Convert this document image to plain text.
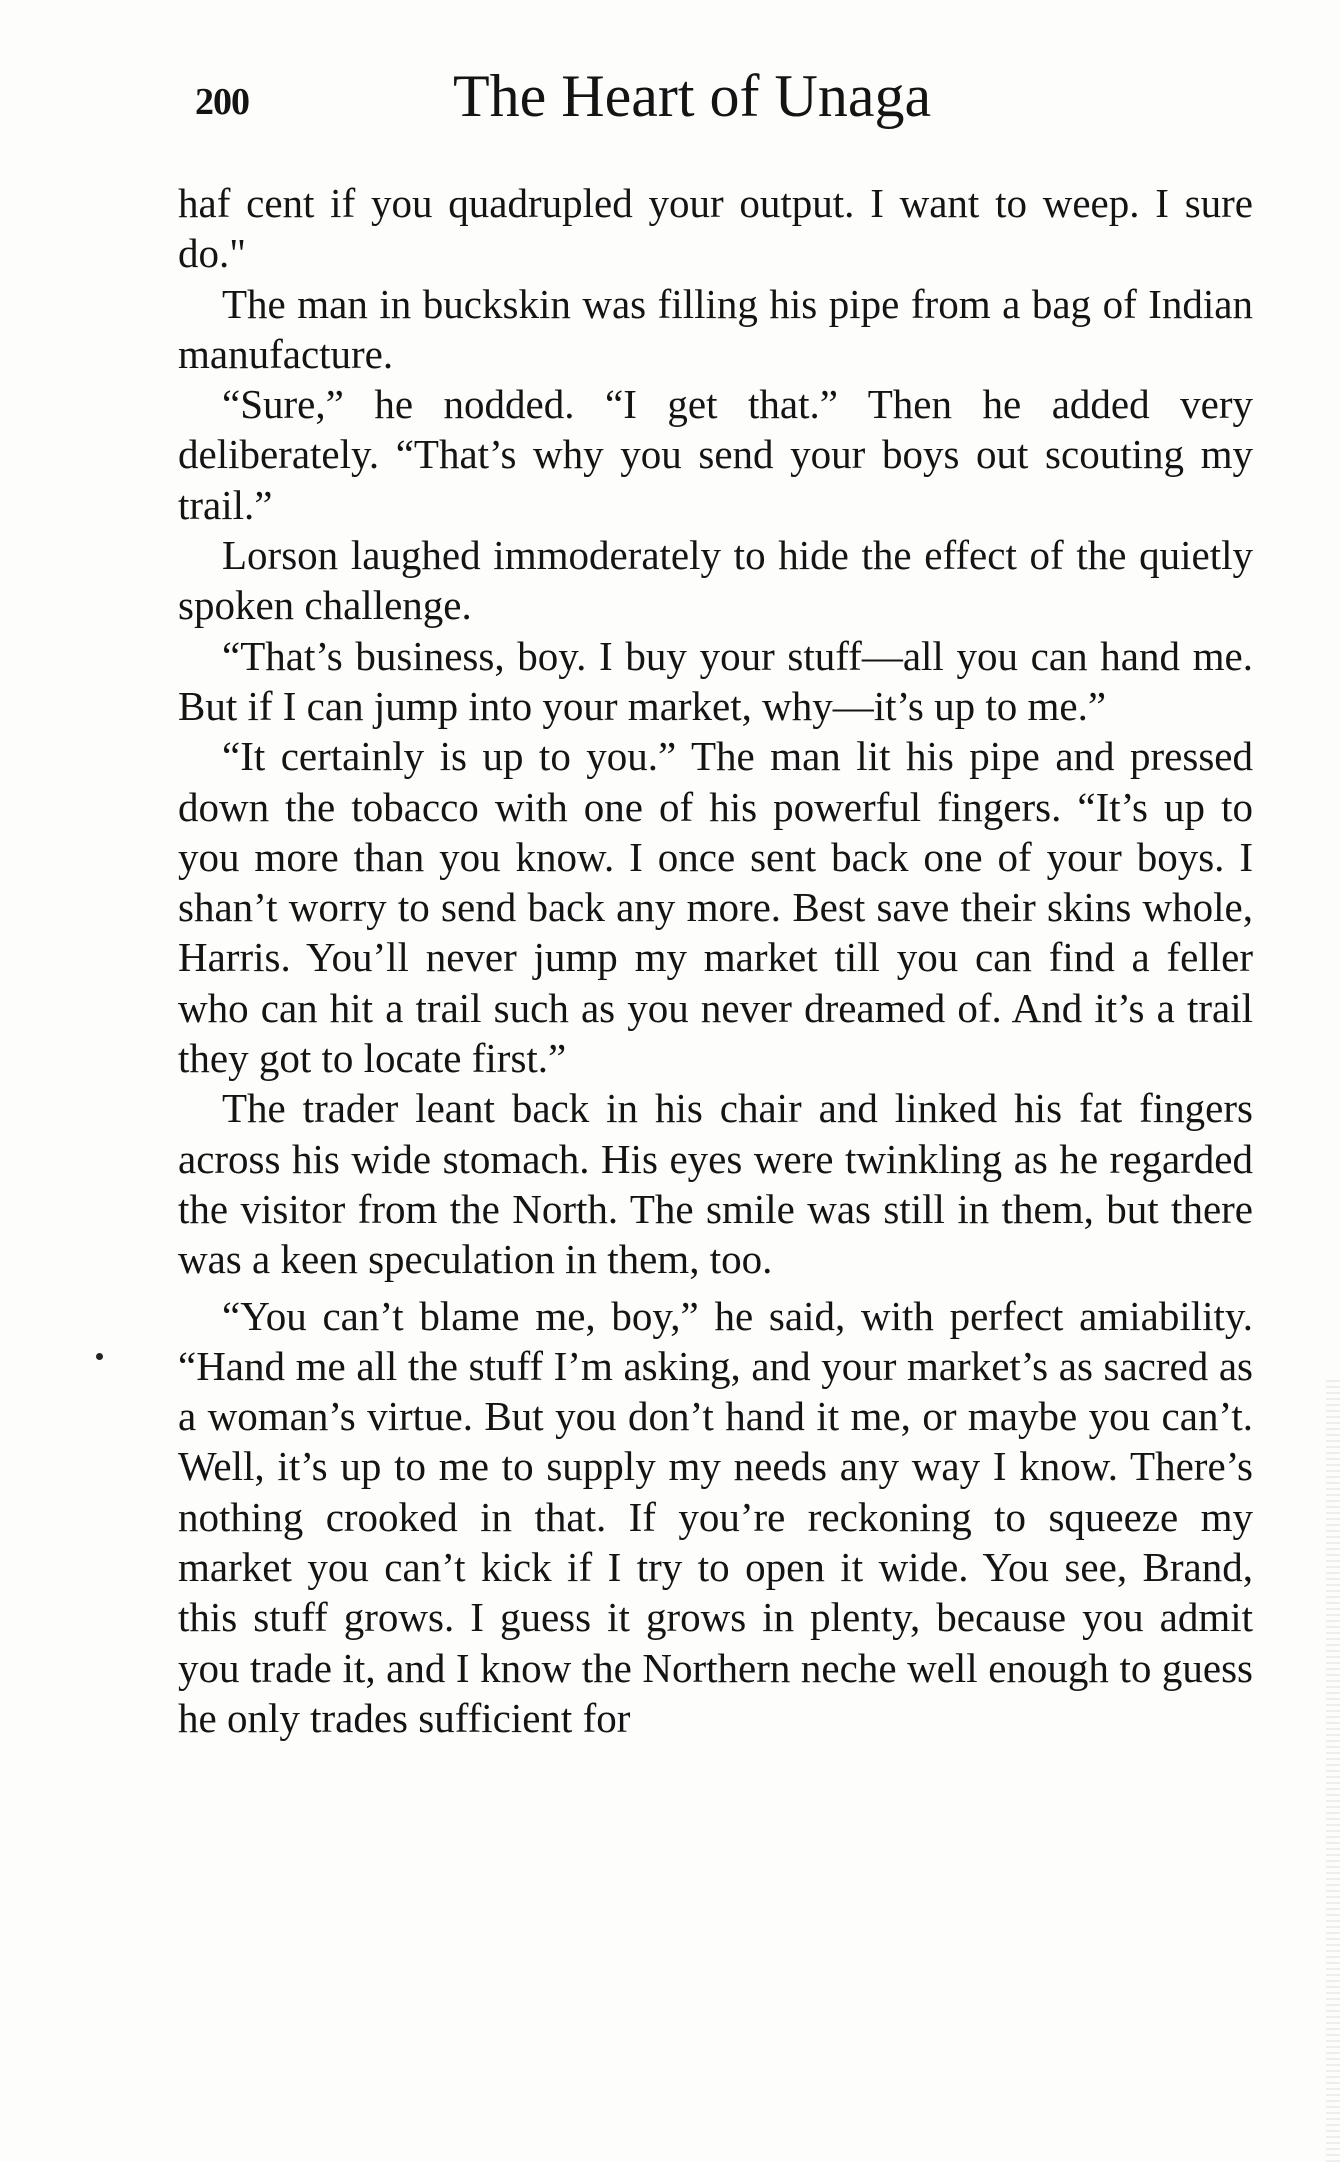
200	The Heart of Unaga

haf cent if you quadrupled your output. I want to weep. I sure do."

The man in buckskin was filling his pipe from a bag of Indian manufacture.

“Sure,” he nodded. “I get that.” Then he added very deliberately. “That’s why you send your boys out scouting my trail.”

Lorson laughed immoderately to hide the effect of the quietly spoken challenge.

“That’s business, boy. I buy your stuff—all you can hand me. But if I can jump into your market, why—it’s up to me.”

“It certainly is up to you.” The man lit his pipe and pressed down the tobacco with one of his powerful fingers. “It’s up to you more than you know. I once sent back one of your boys. I shan’t worry to send back any more. Best save their skins whole, Harris. You’ll never jump my market till you can find a feller who can hit a trail such as you never dreamed of. And it’s a trail they got to locate first.”

The trader leant back in his chair and linked his fat fingers across his wide stomach. His eyes were twinkling as he regarded the visitor from the North. The smile was still in them, but there was a keen speculation in them, too.

“You can’t blame me, boy,” he said, with perfect amiability. “Hand me all the stuff I’m asking, and your market’s as sacred as a woman’s virtue. But you don’t hand it me, or maybe you can’t. Well, it’s up to me to supply my needs any way I know. There’s nothing crooked in that. If you’re reckoning to squeeze my market you can’t kick if I try to open it wide. You see, Brand, this stuff grows. I guess it grows in plenty, because you admit you trade it, and I know the Northern neche well enough to guess he only trades sufficient for
